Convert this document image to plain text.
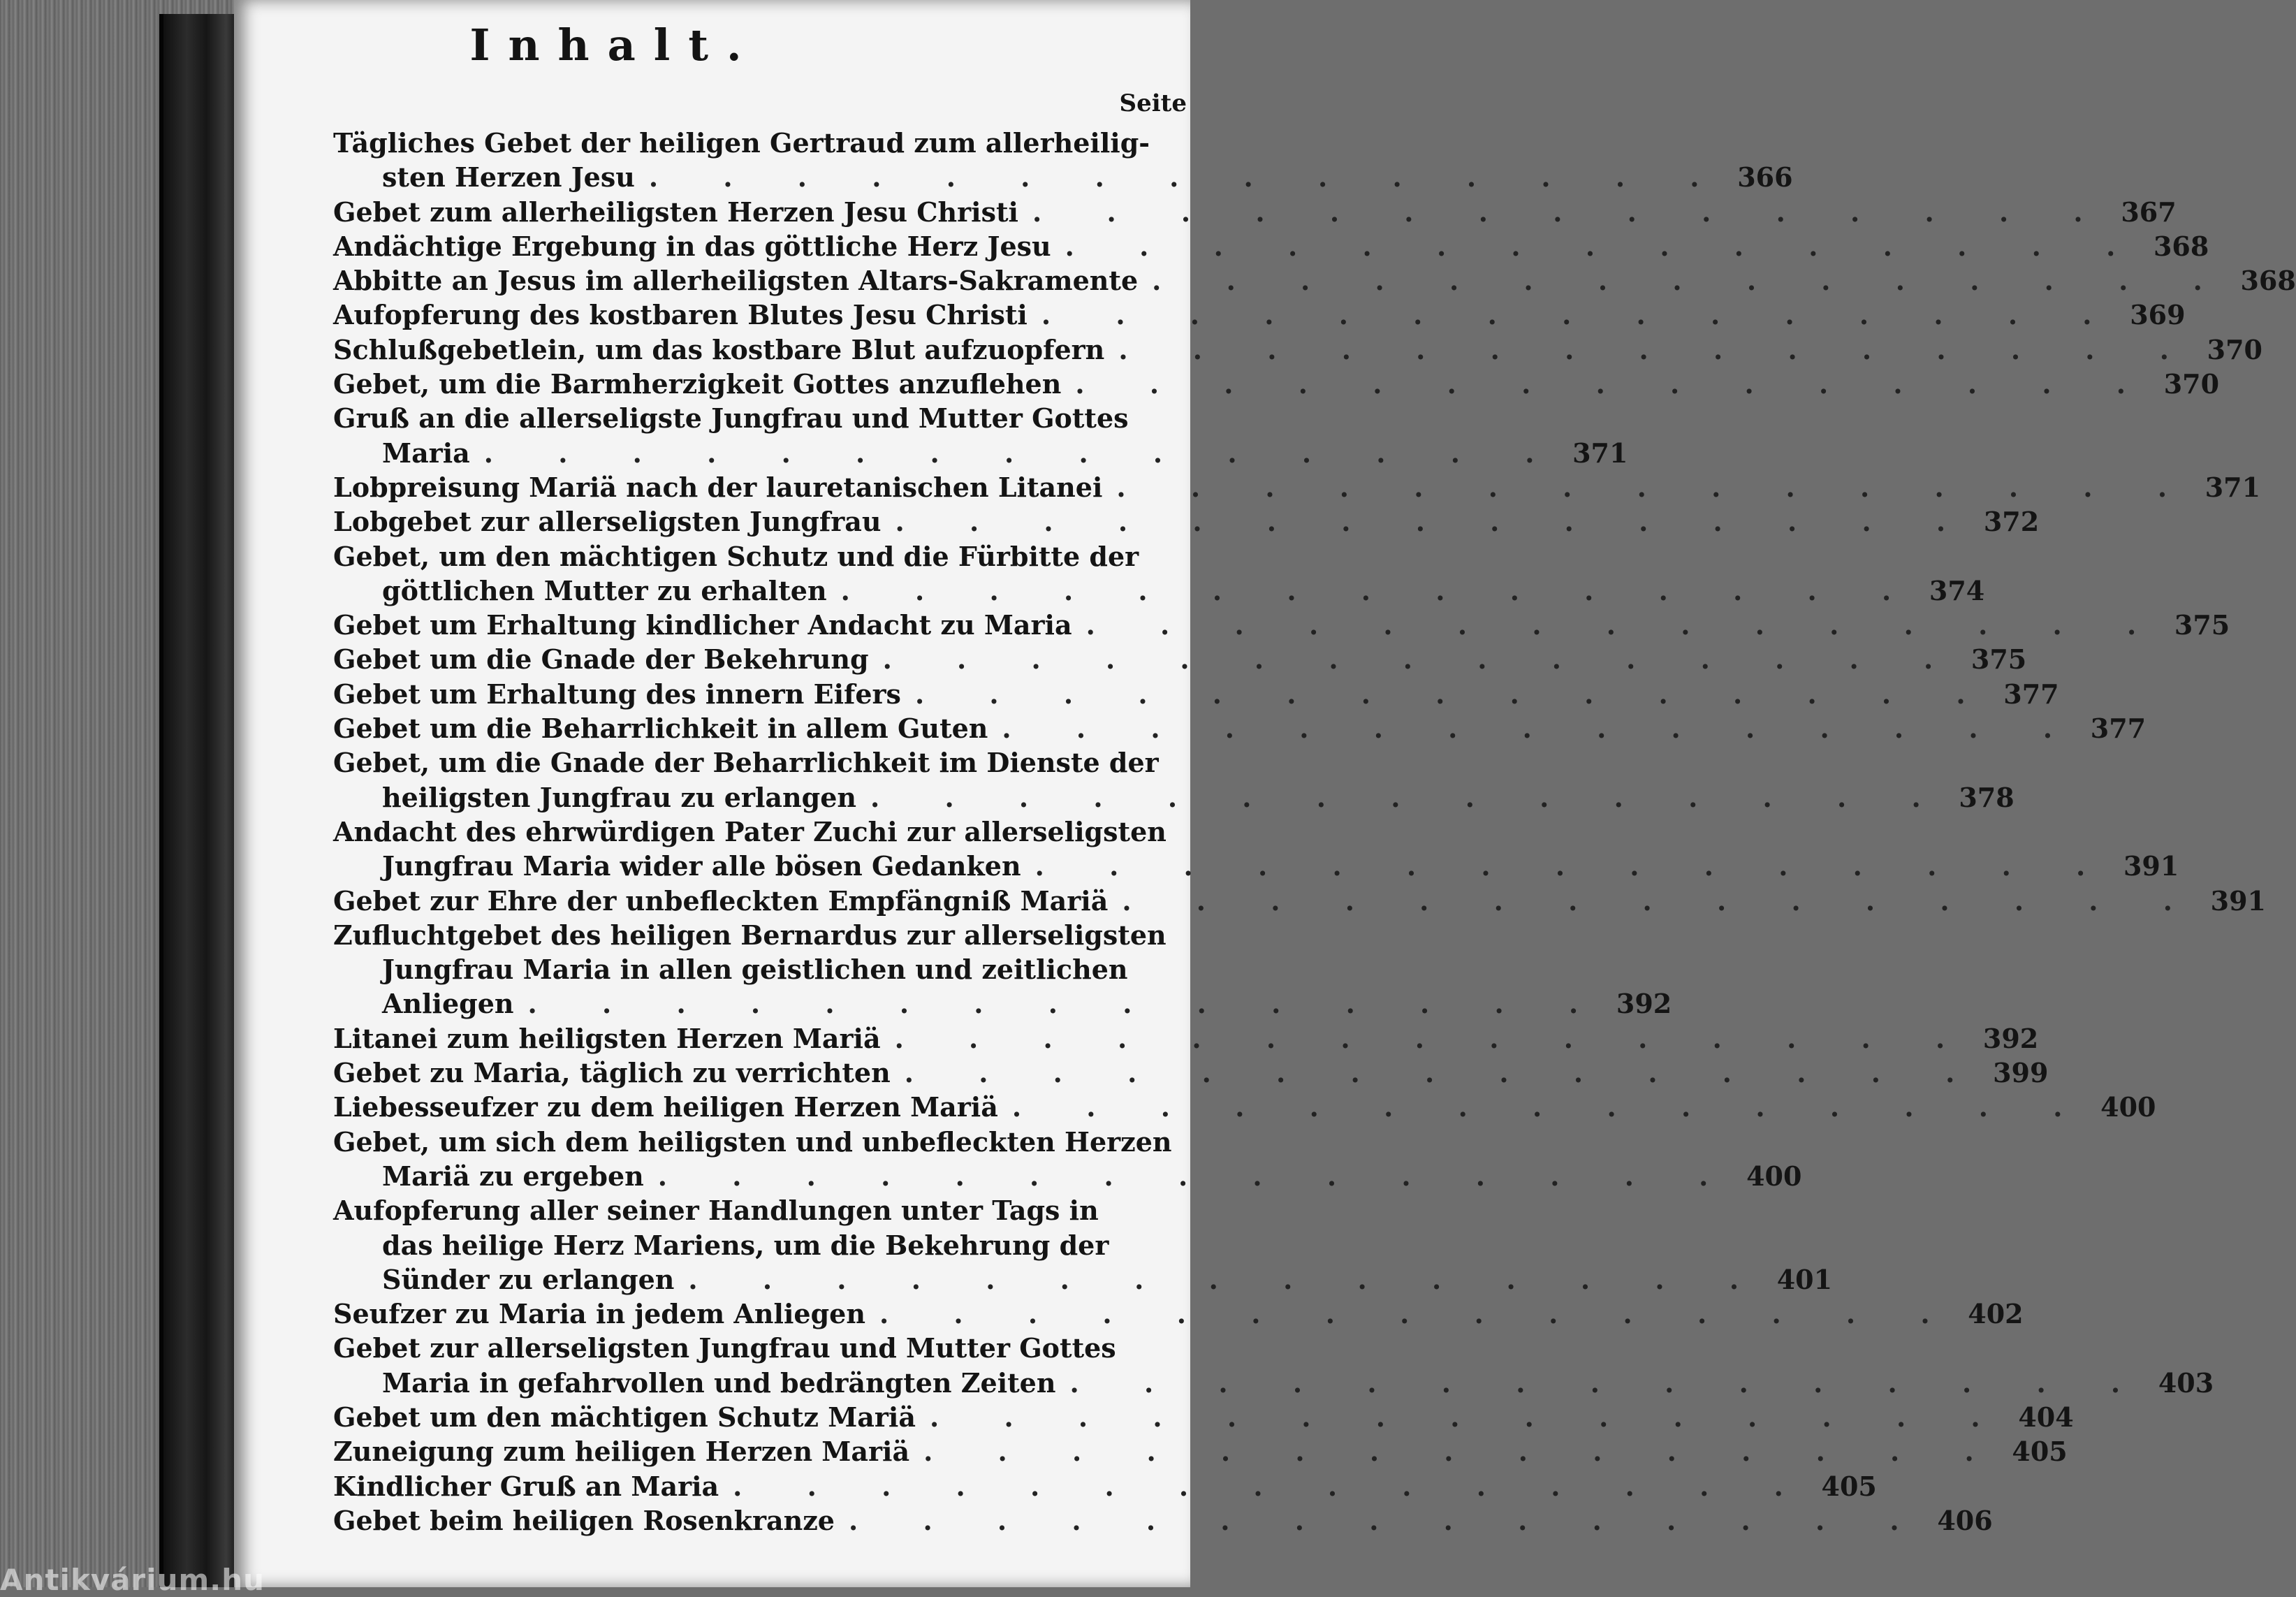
Inhalt.
Seite
Tägliches Gebet der heiligen Gertraud zum allerheilig-
sten Herzen Jesu . . . . . . . . . . . . . . . 366
Gebet zum allerheiligsten Herzen Jesu Christi . . . . . . . . . . . . . . . 367
Andächtige Ergebung in das göttliche Herz Jesu . . . . . . . . . . . . . . . 368
Abbitte an Jesus im allerheiligsten Altars-Sakramente . . . . . . . . . . . . . . . 368
Aufopferung des kostbaren Blutes Jesu Christi . . . . . . . . . . . . . . . 369
Schlußgebetlein, um das kostbare Blut aufzuopfern . . . . . . . . . . . . . . . 370
Gebet, um die Barmherzigkeit Gottes anzuflehen . . . . . . . . . . . . . . . 370
Gruß an die allerseligste Jungfrau und Mutter Gottes
Maria . . . . . . . . . . . . . . . 371
Lobpreisung Mariä nach der lauretanischen Litanei . . . . . . . . . . . . . . . 371
Lobgebet zur allerseligsten Jungfrau . . . . . . . . . . . . . . . 372
Gebet, um den mächtigen Schutz und die Fürbitte der
göttlichen Mutter zu erhalten . . . . . . . . . . . . . . . 374
Gebet um Erhaltung kindlicher Andacht zu Maria . . . . . . . . . . . . . . . 375
Gebet um die Gnade der Bekehrung . . . . . . . . . . . . . . . 375
Gebet um Erhaltung des innern Eifers . . . . . . . . . . . . . . . 377
Gebet um die Beharrlichkeit in allem Guten . . . . . . . . . . . . . . . 377
Gebet, um die Gnade der Beharrlichkeit im Dienste der
heiligsten Jungfrau zu erlangen . . . . . . . . . . . . . . . 378
Andacht des ehrwürdigen Pater Zuchi zur allerseligsten
Jungfrau Maria wider alle bösen Gedanken . . . . . . . . . . . . . . . 391
Gebet zur Ehre der unbefleckten Empfängniß Mariä . . . . . . . . . . . . . . . 391
Zufluchtgebet des heiligen Bernardus zur allerseligsten
Jungfrau Maria in allen geistlichen und zeitlichen
Anliegen . . . . . . . . . . . . . . . 392
Litanei zum heiligsten Herzen Mariä . . . . . . . . . . . . . . . 392
Gebet zu Maria, täglich zu verrichten . . . . . . . . . . . . . . . 399
Liebesseufzer zu dem heiligen Herzen Mariä . . . . . . . . . . . . . . . 400
Gebet, um sich dem heiligsten und unbefleckten Herzen
Mariä zu ergeben . . . . . . . . . . . . . . . 400
Aufopferung aller seiner Handlungen unter Tags in
das heilige Herz Mariens, um die Bekehrung der
Sünder zu erlangen . . . . . . . . . . . . . . . 401
Seufzer zu Maria in jedem Anliegen . . . . . . . . . . . . . . . 402
Gebet zur allerseligsten Jungfrau und Mutter Gottes
Maria in gefahrvollen und bedrängten Zeiten . . . . . . . . . . . . . . . 403
Gebet um den mächtigen Schutz Mariä . . . . . . . . . . . . . . . 404
Zuneigung zum heiligen Herzen Mariä . . . . . . . . . . . . . . . 405
Kindlicher Gruß an Maria . . . . . . . . . . . . . . . 405
Gebet beim heiligen Rosenkranze . . . . . . . . . . . . . . . 406
Antikvárium.hu
